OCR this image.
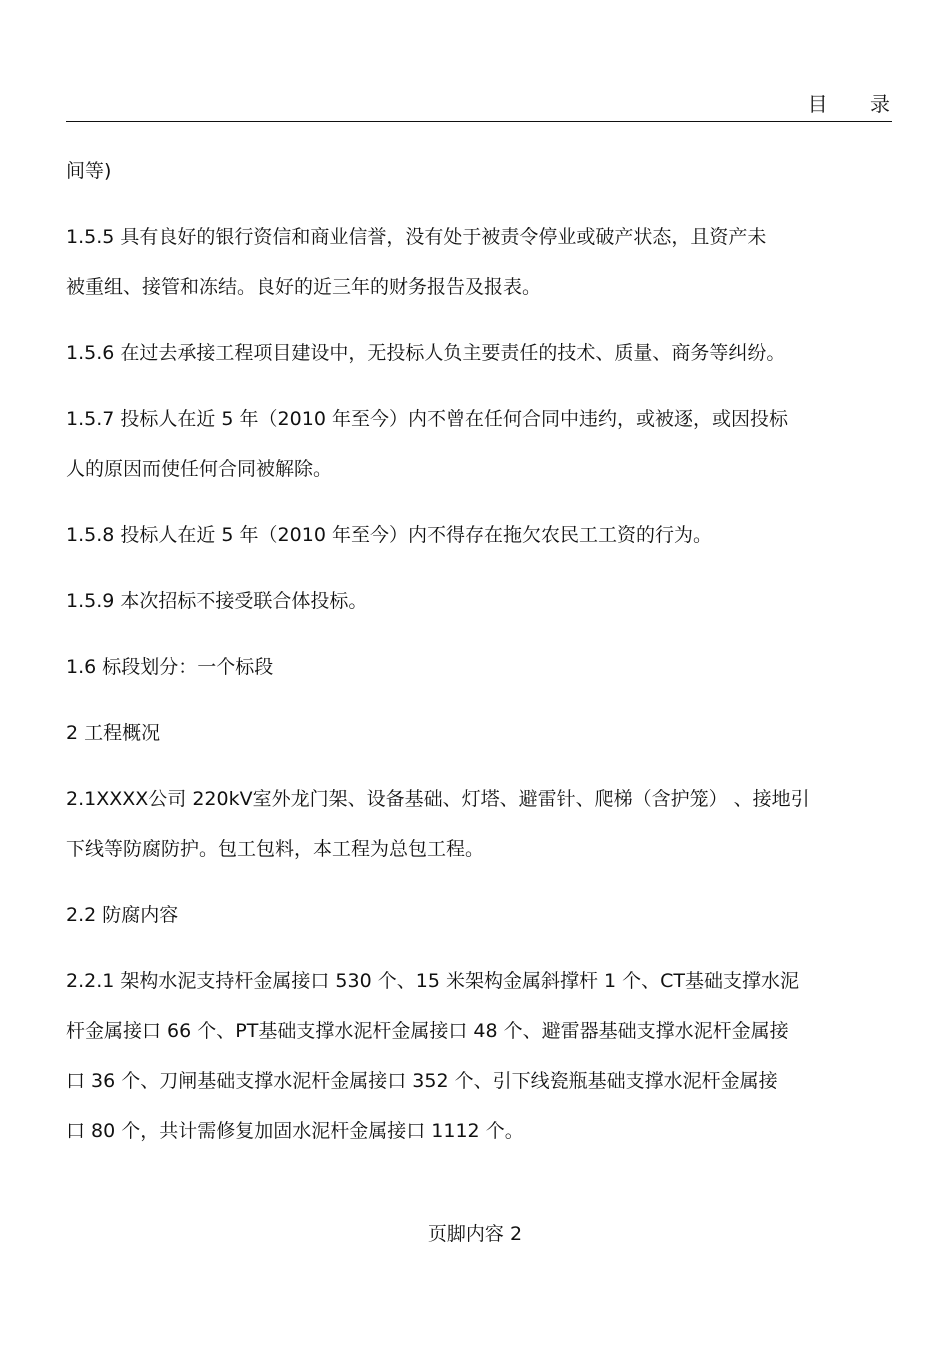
目 录

间等)

1.5.5 具有良好的银行资信和商业信誉，没有处于被责令停业或破产状态，且资产未
被重组、接管和冻结。良好的近三年的财务报告及报表。

1.5.6 在过去承接工程项目建设中，无投标人负主要责任的技术、质量、商务等纠纷。

1.5.7 投标人在近 5 年（2010 年至今）内不曾在任何合同中违约，或被逐，或因投标
人的原因而使任何合同被解除。

1.5.8 投标人在近 5 年（2010 年至今）内不得存在拖欠农民工工资的行为。

1.5.9 本次招标不接受联合体投标。

1.6 标段划分：一个标段

2 工程概况

2.1XXXX公司 220kV室外龙门架、设备基础、灯塔、避雷针、爬梯（含护笼） 、接地引
下线等防腐防护。包工包料，本工程为总包工程。

2.2 防腐内容

2.2.1 架构水泥支持杆金属接口 530 个、15 米架构金属斜撑杆 1 个、CT基础支撑水泥
杆金属接口 66 个、PT基础支撑水泥杆金属接口 48 个、避雷器基础支撑水泥杆金属接
口 36 个、刀闸基础支撑水泥杆金属接口 352 个、引下线瓷瓶基础支撑水泥杆金属接
口 80 个，共计需修复加固水泥杆金属接口 1112 个。

页脚内容 2
